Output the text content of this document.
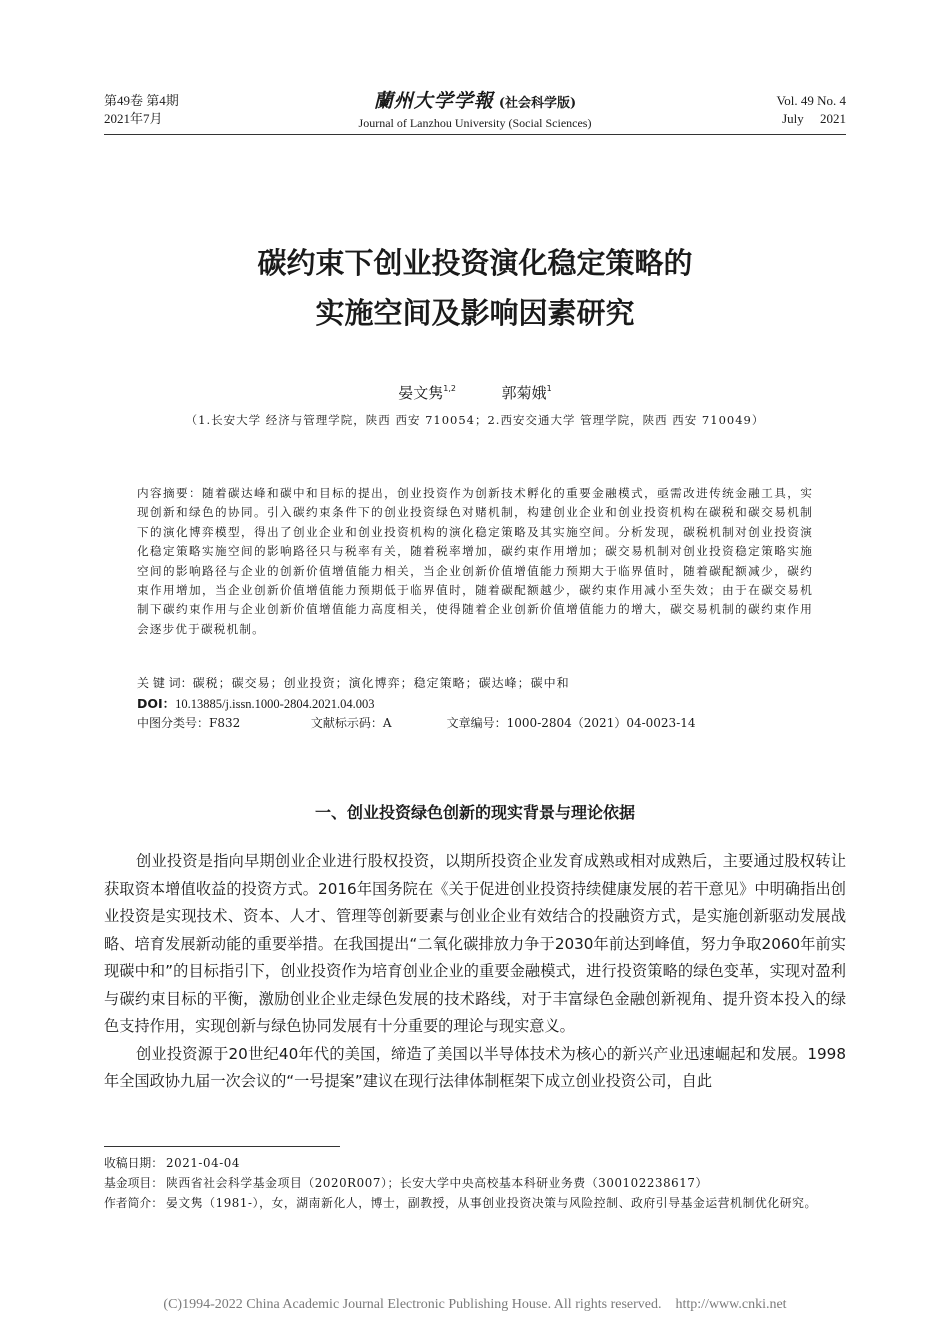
第49卷 第4期
2021年7月
蘭州大学学報 (社会科学版)
Journal of Lanzhou University (Social Sciences)
Vol. 49 No. 4
July     2021
碳约束下创业投资演化稳定策略的
实施空间及影响因素研究
晏文隽$^{1,2}$	郭菊娥$^1$
（1.长安大学 经济与管理学院，陕西 西安 710054；2.西安交通大学 管理学院，陕西 西安 710049）
内容摘要：随着碳达峰和碳中和目标的提出，创业投资作为创新技术孵化的重要金融模式，亟需改进传统金融工具，实现创新和绿色的协同。引入碳约束条件下的创业投资绿色对赌机制，构建创业企业和创业投资机构在碳税和碳交易机制下的演化博弈模型，得出了创业企业和创业投资机构的演化稳定策略及其实施空间。分析发现，碳税机制对创业投资演化稳定策略实施空间的影响路径只与税率有关，随着税率增加，碳约束作用增加；碳交易机制对创业投资稳定策略实施空间的影响路径与企业的创新价值增值能力相关，当企业创新价值增值能力预期大于临界值时，随着碳配额减少，碳约束作用增加，当企业创新价值增值能力预期低于临界值时，随着碳配额越少，碳约束作用减小至失效；由于在碳交易机制下碳约束作用与企业创新价值增值能力高度相关，使得随着企业创新价值增值能力的增大，碳交易机制的碳约束作用会逐步优于碳税机制。
关 键 词：碳税；碳交易；创业投资；演化博弈；稳定策略；碳达峰；碳中和
DOI：10.13885/j.issn.1000-2804.2021.04.003
中图分类号：F832	文献标示码：A	文章编号：1000-2804（2021）04-0023-14
一、创业投资绿色创新的现实背景与理论依据

创业投资是指向早期创业企业进行股权投资，以期所投资企业发育成熟或相对成熟后，主要通过股权转让获取资本增值收益的投资方式。2016年国务院在《关于促进创业投资持续健康发展的若干意见》中明确指出创业投资是实现技术、资本、人才、管理等创新要素与创业企业有效结合的投融资方式，是实施创新驱动发展战略、培育发展新动能的重要举措。在我国提出“二氧化碳排放力争于2030年前达到峰值，努力争取2060年前实现碳中和”的目标指引下，创业投资作为培育创业企业的重要金融模式，进行投资策略的绿色变革，实现对盈利与碳约束目标的平衡，激励创业企业走绿色发展的技术路线，对于丰富绿色金融创新视角、提升资本投入的绿色支持作用，实现创新与绿色协同发展有十分重要的理论与现实意义。

创业投资源于20世纪40年代的美国，缔造了美国以半导体技术为核心的新兴产业迅速崛起和发展。1998年全国政协九届一次会议的“一号提案”建议在现行法律体制框架下成立创业投资公司，自此

收稿日期： 2021-04-04
基金项目： 陕西省社会科学基金项目（2020R007）；长安大学中央高校基本科研业务费（300102238617）
作者简介： 晏文隽（1981-），女，湖南新化人，博士，副教授，从事创业投资决策与风险控制、政府引导基金运营机制优化研究。
(C)1994-2022 China Academic Journal Electronic Publishing House. All rights reserved.    http://www.cnki.net
